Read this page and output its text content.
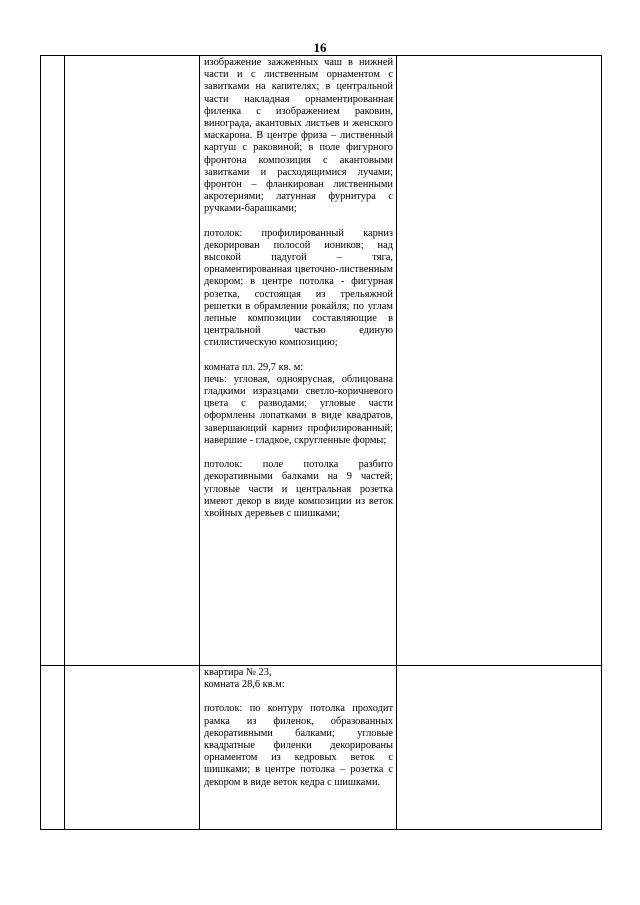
16

		изображение зажженных чаш в нижней части и с лиственным орнаментом с завитками на капителях; в центральной части накладная орнаментированная филенка с изображением раковин, винограда, акантовых листьев и женского маскарона. В центре фриза – лиственный картуш с раковиной; в поле фигурного фронтона композиция с акантовыми завитками и расходящимися лучами; фронтон – фланкирован лиственными акротериями; латунная фурнитура с ручками-барашками;

потолок: профилированный карниз декорирован полосой иоников; над высокой падугой – тяга, орнаментированная цветочно-лиственным декором; в центре потолка - фигурная розетка, состоящая из трельяжной решетки в обрамлении рокайля; по углам лепные композиции составляющие в центральной частью единую стилистическую композицию;

комната пл. 29,7 кв. м:
печь: угловая, одноярусная, облицована гладкими изразцами светло-коричневого цвета с разводами; угловые части оформлены лопатками в виде квадратов, завершающий карниз профилированный; навершие - гладкое, скругленные формы;

потолок: поле потолка разбито декоративными балками на 9 частей; угловые части и центральная розетка имеют декор в виде композиции из веток хвойных деревьев с шишками;	

		квартира № 23,
комната 28,6 кв.м:

потолок: по контуру потолка проходит рамка из филенок, образованных декоративными балками; угловые квадратные филенки декорированы орнаментом из кедровых веток с шишками; в центре потолка – розетка с декором в виде веток кедра с шишками.	
